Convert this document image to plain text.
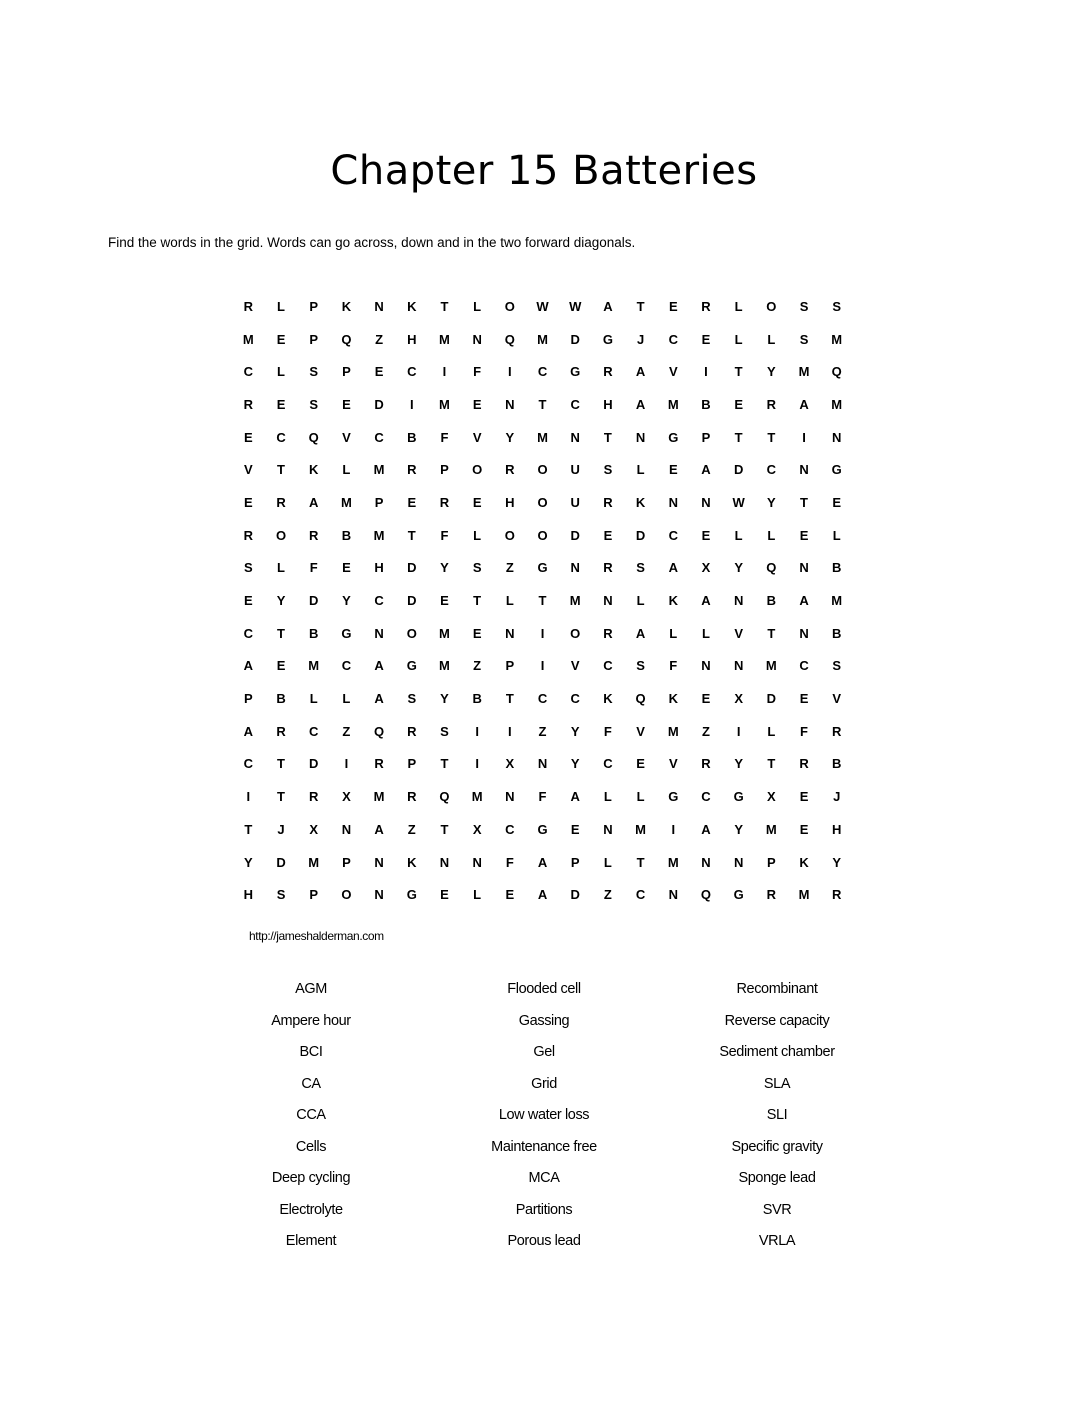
Chapter 15 Batteries

Find the words in the grid. Words can go across, down and in the two forward diagonals.

R	L	P	K	N	K	T	L	O	W	W	A	T	E	R	L	O	S	S
M	E	P	Q	Z	H	M	N	Q	M	D	G	J	C	E	L	L	S	M
C	L	S	P	E	C	I	F	I	C	G	R	A	V	I	T	Y	M	Q
R	E	S	E	D	I	M	E	N	T	C	H	A	M	B	E	R	A	M
E	C	Q	V	C	B	F	V	Y	M	N	T	N	G	P	T	T	I	N
V	T	K	L	M	R	P	O	R	O	U	S	L	E	A	D	C	N	G
E	R	A	M	P	E	R	E	H	O	U	R	K	N	N	W	Y	T	E
R	O	R	B	M	T	F	L	O	O	D	E	D	C	E	L	L	E	L
S	L	F	E	H	D	Y	S	Z	G	N	R	S	A	X	Y	Q	N	B
E	Y	D	Y	C	D	E	T	L	T	M	N	L	K	A	N	B	A	M
C	T	B	G	N	O	M	E	N	I	O	R	A	L	L	V	T	N	B
A	E	M	C	A	G	M	Z	P	I	V	C	S	F	N	N	M	C	S
P	B	L	L	A	S	Y	B	T	C	C	K	Q	K	E	X	D	E	V
A	R	C	Z	Q	R	S	I	I	Z	Y	F	V	M	Z	I	L	F	R
C	T	D	I	R	P	T	I	X	N	Y	C	E	V	R	Y	T	R	B
I	T	R	X	M	R	Q	M	N	F	A	L	L	G	C	G	X	E	J
T	J	X	N	A	Z	T	X	C	G	E	N	M	I	A	Y	M	E	H
Y	D	M	P	N	K	N	N	F	A	P	L	T	M	N	N	P	K	Y
H	S	P	O	N	G	E	L	E	A	D	Z	C	N	Q	G	R	M	R
http://jameshalderman.com
AGM
Ampere hour
BCI
CA
CCA
Cells
Deep cycling
Electrolyte
Element
Flooded cell
Gassing
Gel
Grid
Low water loss
Maintenance free
MCA
Partitions
Porous lead
Recombinant
Reverse capacity
Sediment chamber
SLA
SLI
Specific gravity
Sponge lead
SVR
VRLA
